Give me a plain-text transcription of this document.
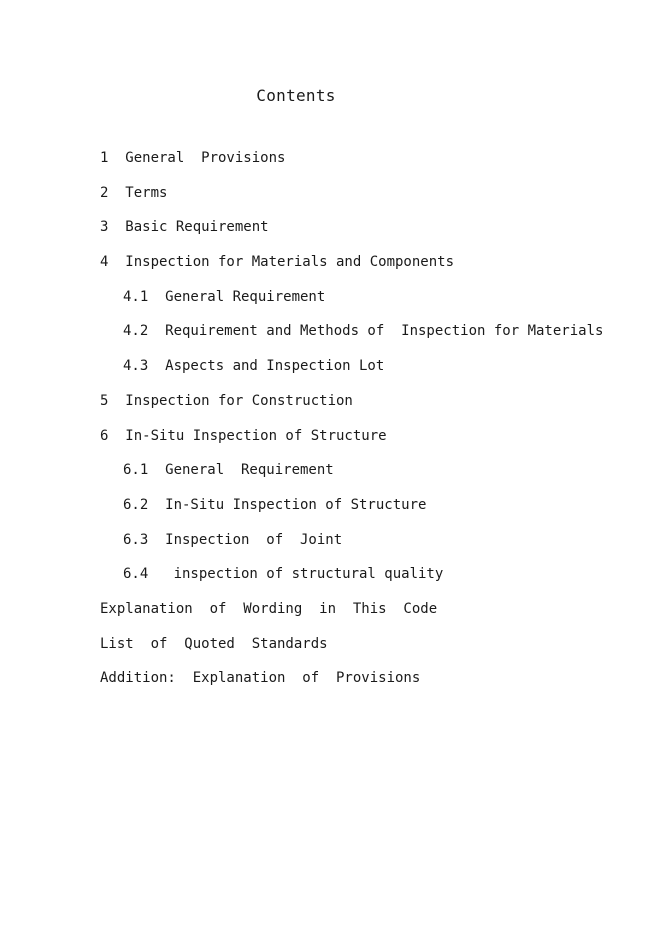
Contents
1  General  Provisions
2  Terms
3  Basic Requirement
4  Inspection for Materials and Components
4.1  General Requirement
4.2  Requirement and Methods of  Inspection for Materials
4.3  Aspects and Inspection Lot
5  Inspection for Construction
6  In-Situ Inspection of Structure
6.1  General  Requirement
6.2  In-Situ Inspection of Structure
6.3  Inspection  of  Joint
6.4   inspection of structural quality
Explanation  of  Wording  in  This  Code
List  of  Quoted  Standards
Addition:  Explanation  of  Provisions
